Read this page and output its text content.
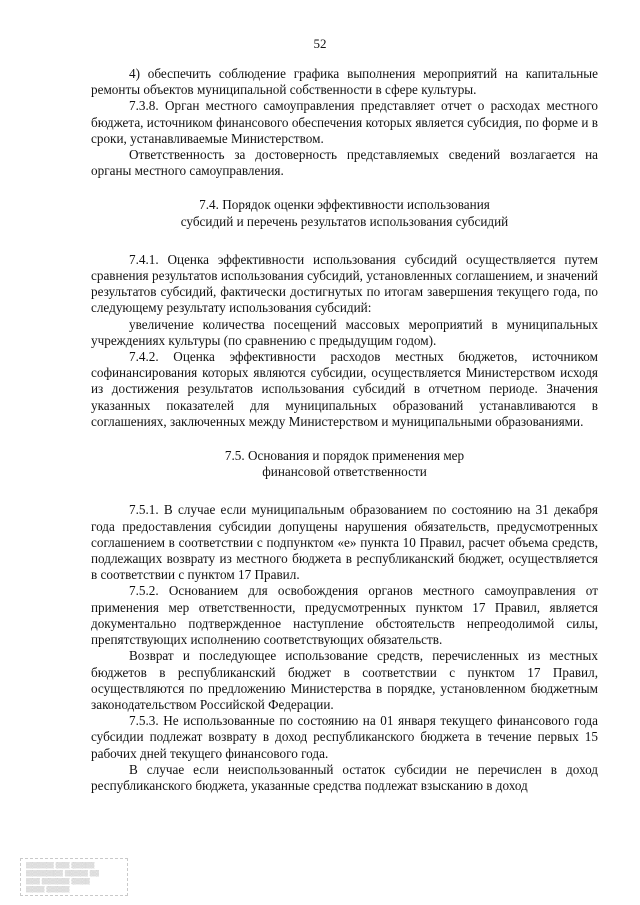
52

4) обеспечить соблюдение графика выполнения мероприятий на капитальные ремонты объектов муниципальной собственности в сфере культуры.

7.3.8. Орган местного самоуправления представляет отчет о расходах местного бюджета, источником финансового обеспечения которых является субсидия, по форме и в сроки, устанавливаемые Министерством.

Ответственность за достоверность представляемых сведений возлагается на органы местного самоуправления.

7.4. Порядок оценки эффективности использования

субсидий и перечень результатов использования субсидий

7.4.1. Оценка эффективности использования субсидий осуществляется путем сравнения результатов использования субсидий, установленных соглашением, и значений результатов субсидий, фактически достигнутых по итогам завершения текущего года, по следующему результату использования субсидий:

увеличение количества посещений массовых мероприятий в муниципальных учреждениях культуры (по сравнению с предыдущим годом).

7.4.2. Оценка эффективности расходов местных бюджетов, источником софинансирования которых являются субсидии, осуществляется Министерством исходя из достижения результатов использования субсидий в отчетном периоде. Значения указанных показателей для муниципальных образований устанавливаются в соглашениях, заключенных между Министерством и муниципальными образованиями.

7.5. Основания и порядок применения мер

финансовой ответственности

7.5.1. В случае если муниципальным образованием по состоянию на 31 декабря года предоставления субсидии допущены нарушения обязательств, предусмотренных соглашением в соответствии с подпунктом «е» пункта 10 Правил, расчет объема средств, подлежащих возврату из местного бюджета в республиканский бюджет, осуществляется в соответствии с пунктом 17 Правил.

7.5.2. Основанием для освобождения органов местного самоуправления от применения мер ответственности, предусмотренных пунктом 17 Правил, является документально подтвержденное наступление обстоятельств непреодолимой силы, препятствующих исполнению соответствующих обязательств.

Возврат и последующее использование средств, перечисленных из местных бюджетов в республиканский бюджет в соответствии с пунктом 17 Правил, осуществляются по предложению Министерства в порядке, установленном бюджетным законодательством Российской Федерации.

7.5.3. Не использованные по состоянию на 01 января текущего финансового года субсидии подлежат возврату в доход республиканского бюджета в течение первых 15 рабочих дней текущего финансового года.

В случае если неиспользованный остаток субсидии не перечислен в доход республиканского бюджета, указанные средства подлежат взысканию в доход

▒▒▒▒▒▒ ▒▒▒ ▒▒▒▒▒
▒▒▒▒▒▒▒▒ ▒▒▒▒▒ ▒▒
▒▒▒ ▒▒▒▒▒▒ ▒▒▒▒
▒▒▒▒ ▒▒▒▒▒
